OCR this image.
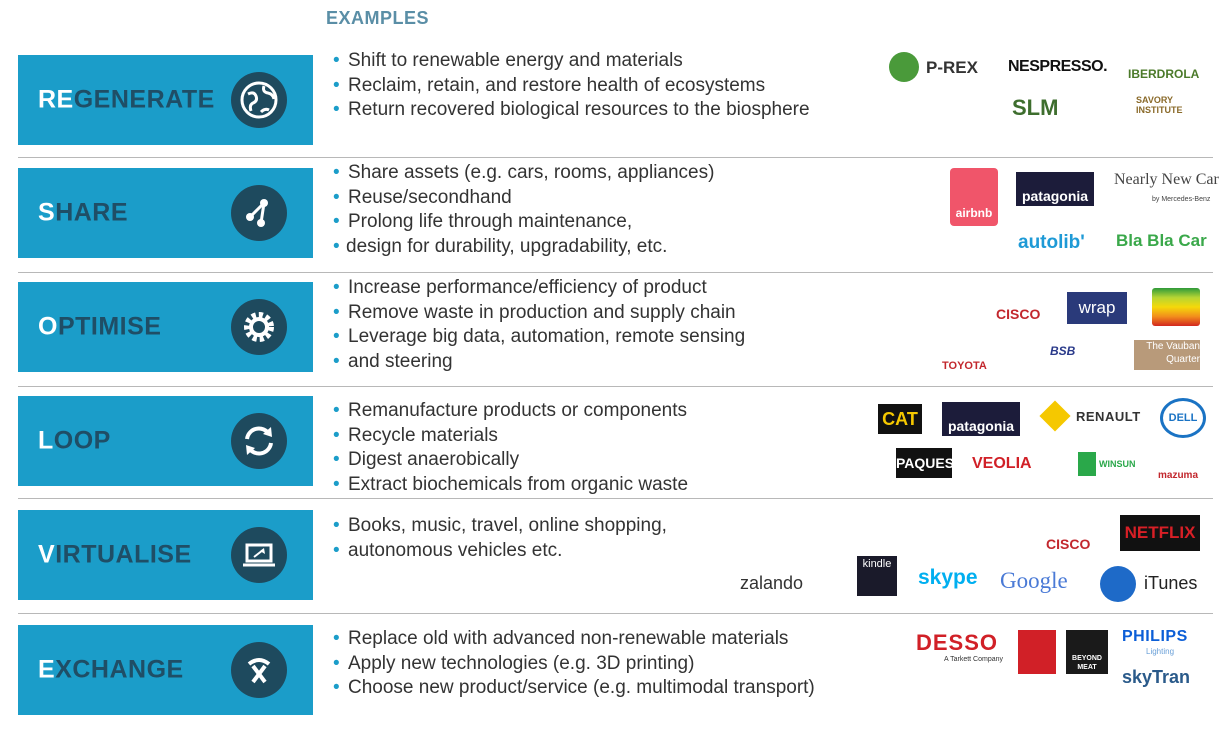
EXAMPLES
REGENERATE
• Shift to renewable energy and materials
• Reclaim, retain, and restore health of ecosystems
• Return recovered biological resources to the biosphere
P-REX NESPRESSO. IBERDROLA
SLM	SAVORY INSTITUTE
SHARE
• Share assets (e.g. cars, rooms, appliances)
• Reuse/secondhand
• Prolong life through maintenance,
• design for durability, upgradability, etc.
airbnb
patagonia
Nearly New Car
by Mercedes-Benz
autolib' Bla Bla Car
OPTIMISE
• Increase performance/efficiency of product
• Remove waste in production and supply chain
• Leverage big data, automation, remote sensing
• and steering
CISCO	wrap
TOYOTA
BSB	The Vauban Quarter
LOOP
• Remanufacture products or components
• Recycle materials
• Digest anaerobically
• Extract biochemicals from organic waste
CAT	patagonia
RENAULT	DELL
PAQUES VEOLIA	WINSUN
mazuma
VIRTUALISE
• Books, music, travel, online shopping,
• autonomous vehicles etc.	CISCO
NETFLIX
zalando
kindle
skype Google	iTunes
EXCHANGE
• Replace old with advanced non-renewable materials
• Apply new technologies (e.g. 3D printing)
• Choose new product/service (e.g. multimodal transport)
DESSO
A Tarkett Company	BEYOND MEAT
PHILIPS
Lighting
skyTran
